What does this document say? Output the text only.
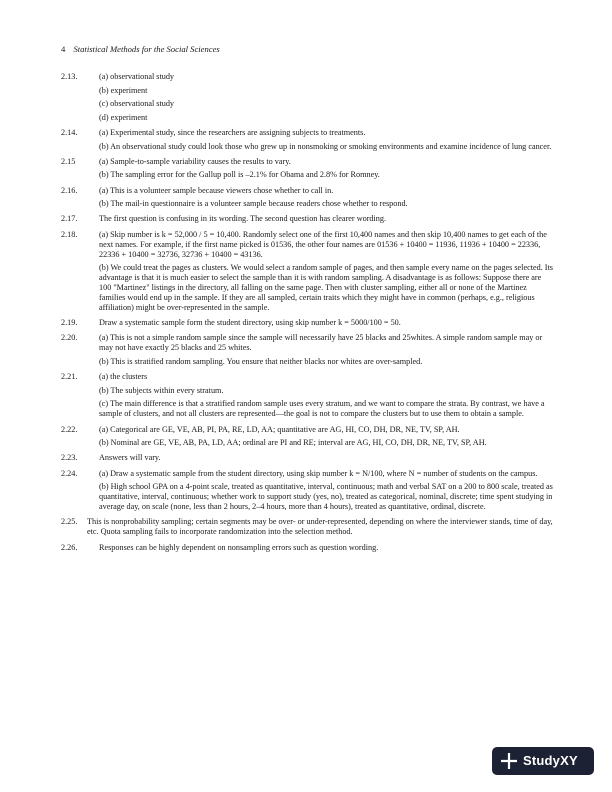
4 Statistical Methods for the Social Sciences
2.13.	(a) observational study
(b) experiment
(c) observational study
(d) experiment
2.14.	(a) Experimental study, since the researchers are assigning subjects to treatments.
(b) An observational study could look those who grew up in nonsmoking or smoking environments and examine incidence of lung cancer.
2.15	(a) Sample-to-sample variability causes the results to vary.
(b) The sampling error for the Gallup poll is –2.1% for Obama and 2.8% for Romney.
2.16.	(a) This is a volunteer sample because viewers chose whether to call in.
(b) The mail-in questionnaire is a volunteer sample because readers chose whether to respond.
2.17.	The first question is confusing in its wording. The second question has clearer wording.
2.18.	(a) Skip number is k = 52,000 / 5 = 10,400. Randomly select one of the first 10,400 names and then skip 10,400 names to get each of the next names. For example, if the first name picked is 01536, the other four names are 01536 + 10400 = 11936, 11936 + 10400 = 22336, 22336 + 10400 = 32736, 32736 + 10400 = 43136.
(b) We could treat the pages as clusters. We would select a random sample of pages, and then sample every name on the pages selected. Its advantage is that it is much easier to select the sample than it is with random sampling. A disadvantage is as follows: Suppose there are 100 "Martinez" listings in the directory, all falling on the same page. Then with cluster sampling, either all or none of the Martinez families would end up in the sample. If they are all sampled, certain traits which they might have in common (perhaps, e.g., religious affiliation) might be over-represented in the sample.
2.19.	Draw a systematic sample form the student directory, using skip number k = 5000/100 = 50.
2.20.	(a) This is not a simple random sample since the sample will necessarily have 25 blacks and 25whites. A simple random sample may or may not have exactly 25 blacks and 25 whites.
(b) This is stratified random sampling. You ensure that neither blacks nor whites are over-sampled.
2.21.	(a) the clusters
(b) The subjects within every stratum.
(c) The main difference is that a stratified random sample uses every stratum, and we want to compare the strata. By contrast, we have a sample of clusters, and not all clusters are represented—the goal is not to compare the clusters but to use them to obtain a sample.
2.22.	(a) Categorical are GE, VE, AB, PI, PA, RE, LD, AA; quantitative are AG, HI, CO, DH, DR, NE, TV, SP, AH.
(b) Nominal are GE, VE, AB, PA, LD, AA; ordinal are PI and RE; interval are AG, HI, CO, DH, DR, NE, TV, SP, AH.
2.23.	Answers will vary.
2.24.	(a) Draw a systematic sample from the student directory, using skip number k = N/100, where N = number of students on the campus.
(b) High school GPA on a 4-point scale, treated as quantitative, interval, continuous; math and verbal SAT on a 200 to 800 scale, treated as quantitative, interval, continuous; whether work to support study (yes, no), treated as categorical, nominal, discrete; time spent studying in average day, on scale (none, less than 2 hours, 2–4 hours, more than 4 hours), treated as quantitative, ordinal, discrete.
2.25. This is nonprobability sampling; certain segments may be over- or under-represented, depending on where the interviewer stands, time of day, etc. Quota sampling fails to incorporate randomization into the selection method.
2.26.	Responses can be highly dependent on nonsampling errors such as question wording.
StudyXY
